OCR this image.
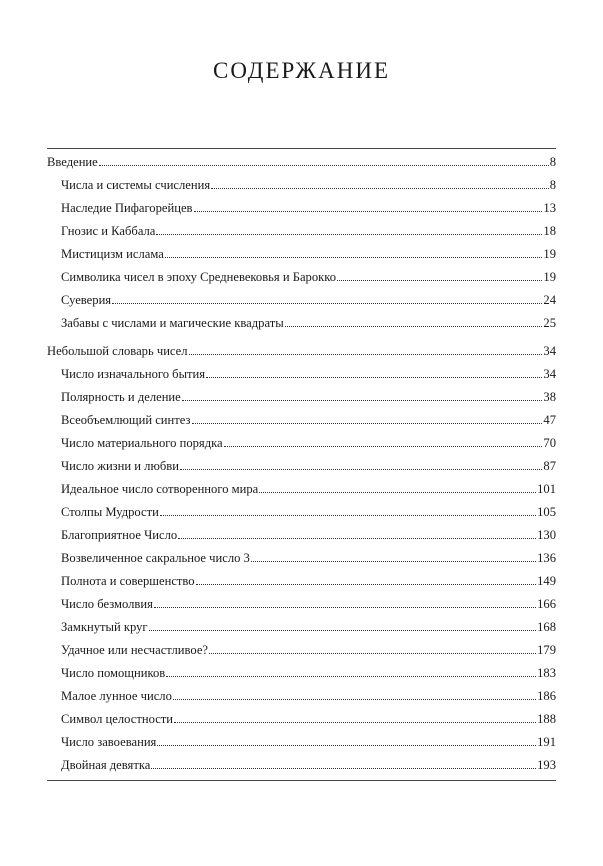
СОДЕРЖАНИЕ
Введение	8
Числа и системы счисления	8
Наследие Пифагорейцев	13
Гнозис и Каббала	18
Мистицизм ислама	19
Символика чисел в эпоху Средневековья и Барокко	19
Суеверия	24
Забавы с числами и магические квадраты	25
Небольшой словарь чисел	34
Число изначального бытия	34
Полярность и деление	38
Всеобъемлющий синтез	47
Число материального порядка	70
Число жизни и любви	87
Идеальное число сотворенного мира	101
Столпы Мудрости	105
Благоприятное Число	130
Возвеличенное сакральное число 3	136
Полнота и совершенство	149
Число безмолвия	166
Замкнутый круг	168
Удачное или несчастливое?	179
Число помощников	183
Малое лунное число	186
Символ целостности	188
Число завоевания	191
Двойная девятка	193
